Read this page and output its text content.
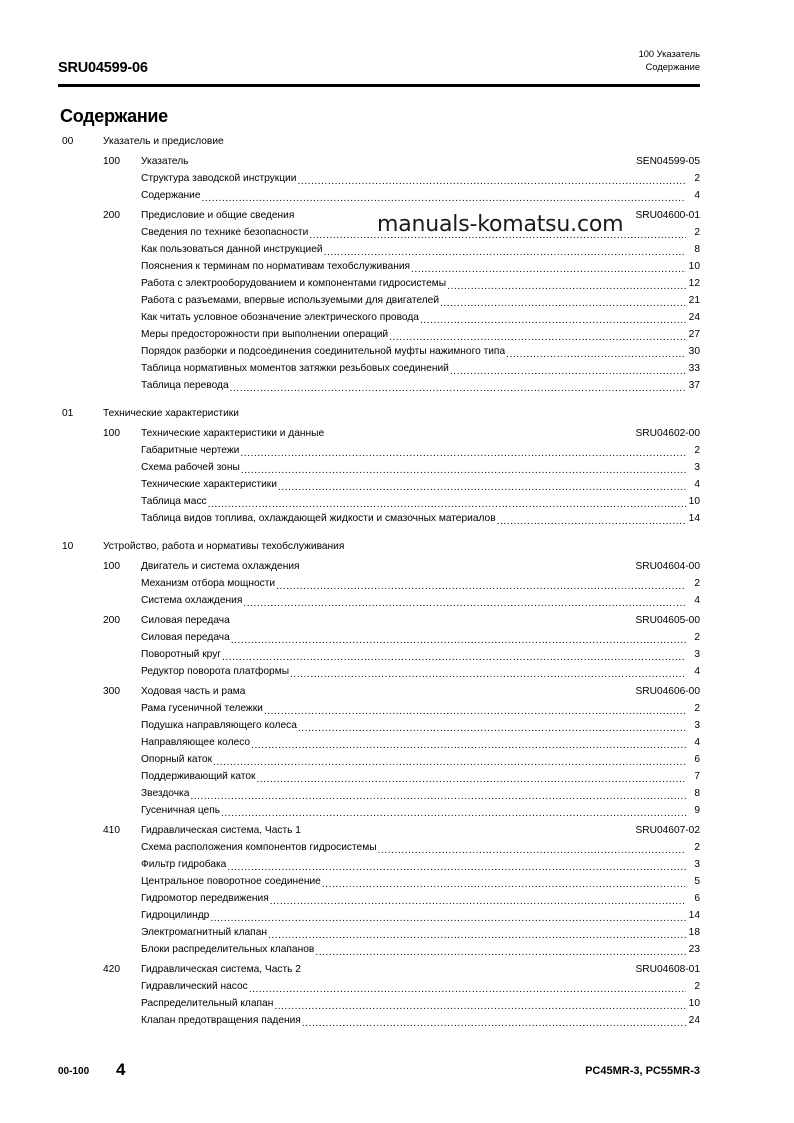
SRU04599-06
100 Указатель
Содержание
Содержание
00	Указатель и предисловие
100 Указатель	SEN04599-05
Структура заводской инструкции .....	2
Содержание .....	4
200 Предисловие и общие сведения	SRU04600-01
Сведения по технике безопасности .....	2
Как пользоваться данной инструкцией .....	8
Пояснения к терминам по нормативам техобслуживания .....	10
Работа с электрооборудованием и компонентами гидросистемы .....	12
Работа с разъемами, впервые используемыми для двигателей .....	21
Как читать условное обозначение электрического провода .....	24
Меры предосторожности при выполнении операций .....	27
Порядок разборки и подсоединения соединительной муфты нажимного типа .....	30
Таблица нормативных моментов затяжки резьбовых соединений .....	33
Таблица перевода .....	37
01	Технические характеристики
100 Технические характеристики и данные	SRU04602-00
Габаритные чертежи .....	2
Схема рабочей зоны .....	3
Технические характеристики .....	4
Таблица масс .....	10
Таблица видов топлива, охлаждающей жидкости и смазочных материалов .....	14
10	Устройство, работа и нормативы техобслуживания
100 Двигатель и система охлаждения	SRU04604-00
Механизм отбора мощности .....	2
Система охлаждения .....	4
200 Силовая передача	SRU04605-00
Силовая передача .....	2
Поворотный круг .....	3
Редуктор поворота платформы .....	4
300 Ходовая часть и рама	SRU04606-00
Рама гусеничной тележки .....	2
Подушка направляющего колеса .....	3
Направляющее колесо .....	4
Опорный каток .....	6
Поддерживающий каток .....	7
Звездочка .....	8
Гусеничная цепь .....	9
410 Гидравлическая система, Часть 1	SRU04607-02
Схема расположения компонентов гидросистемы .....	2
Фильтр гидробака .....	3
Центральное поворотное соединение .....	5
Гидромотор передвижения .....	6
Гидроцилиндр .....	14
Электромагнитный клапан .....	18
Блоки распределительных клапанов .....	23
420 Гидравлическая система, Часть 2	SRU04608-01
Гидравлический насос .....	2
Распределительный клапан .....	10
Клапан предотвращения падения .....	24
manuals-komatsu.com
00-100 4	PC45MR-3, PC55MR-3
